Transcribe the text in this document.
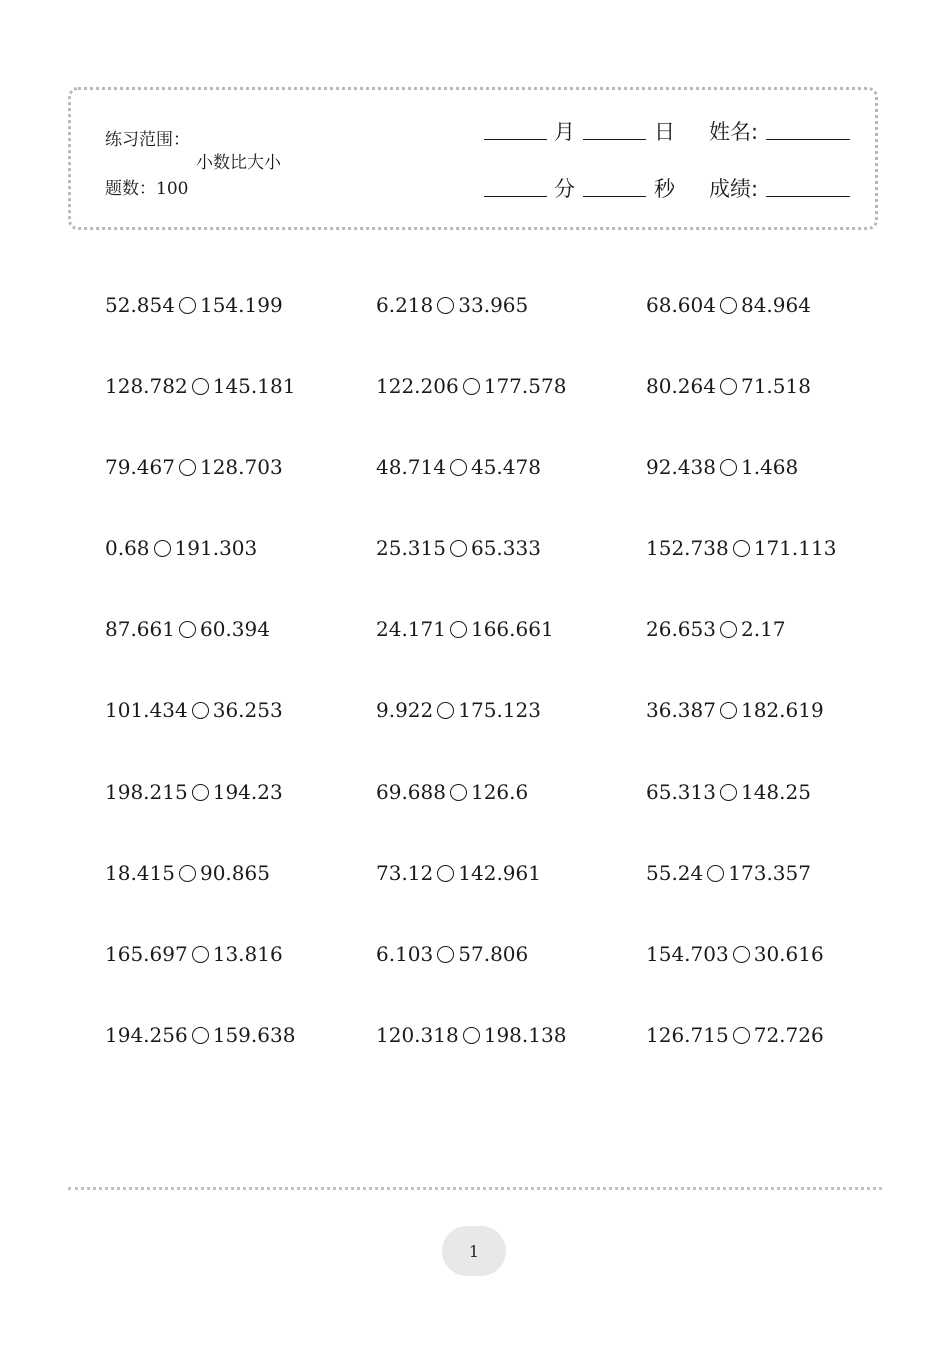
练习范围：
小数比大小
题数：100
月	日 姓名:
分	秒 成绩:
52.854 154.199	6.218 33.965	68.604 84.964
128.782 145.181	122.206 177.578	80.264 71.518
79.467 128.703	48.714 45.478	92.438 1.468
0.68 191.303	25.315 65.333	152.738 171.113
87.661 60.394	24.171 166.661	26.653 2.17
101.434 36.253	9.922 175.123	36.387 182.619
198.215 194.23	69.688 126.6	65.313 148.25
18.415 90.865	73.12 142.961	55.24 173.357
165.697 13.816	6.103 57.806	154.703 30.616
194.256 159.638	120.318 198.138	126.715 72.726
1
